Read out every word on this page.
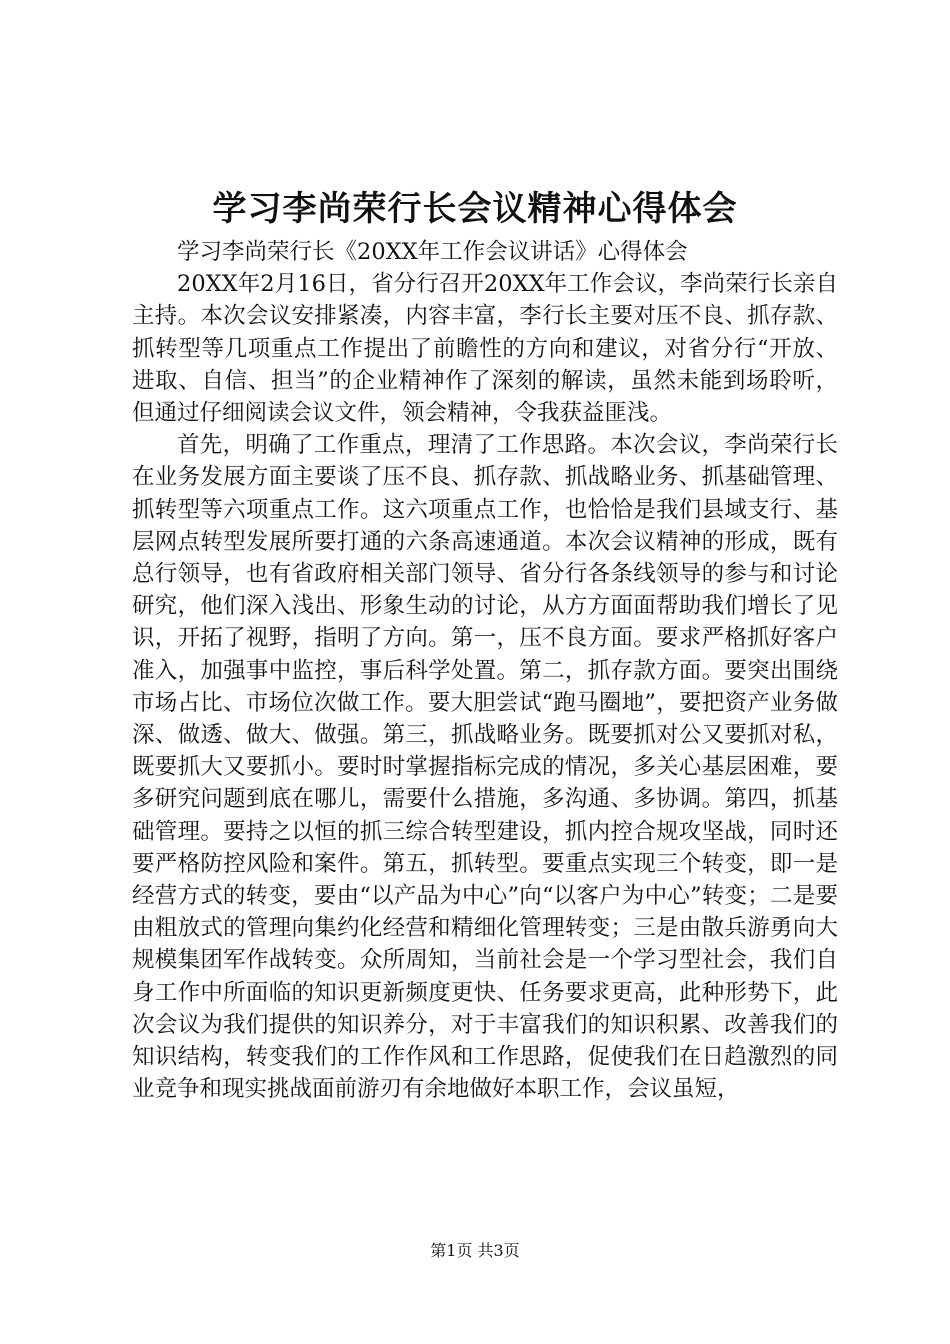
学习李尚荣行长会议精神心得体会

学习李尚荣行长《20XX年工作会议讲话》心得体会

20XX年2月16日，省分行召开20XX年工作会议，李尚荣行长亲自主持。本次会议安排紧凑，内容丰富，李行长主要对压不良、抓存款、抓转型等几项重点工作提出了前瞻性的方向和建议，对省分行“开放、进取、自信、担当”的企业精神作了深刻的解读，虽然未能到场聆听，但通过仔细阅读会议文件，领会精神，令我获益匪浅。

首先，明确了工作重点，理清了工作思路。本次会议，李尚荣行长在业务发展方面主要谈了压不良、抓存款、抓战略业务、抓基础管理、抓转型等六项重点工作。这六项重点工作，也恰恰是我们县域支行、基层网点转型发展所要打通的六条高速通道。本次会议精神的形成，既有总行领导，也有省政府相关部门领导、省分行各条线领导的参与和讨论研究，他们深入浅出、形象生动的讨论，从方方面面帮助我们增长了见识，开拓了视野，指明了方向。第一，压不良方面。要求严格抓好客户准入，加强事中监控，事后科学处置。第二，抓存款方面。要突出围绕市场占比、市场位次做工作。要大胆尝试“跑马圈地”，要把资产业务做深、做透、做大、做强。第三，抓战略业务。既要抓对公又要抓对私，既要抓大又要抓小。要时时掌握指标完成的情况，多关心基层困难，要多研究问题到底在哪儿，需要什么措施，多沟通、多协调。第四，抓基础管理。要持之以恒的抓三综合转型建设，抓内控合规攻坚战，同时还要严格防控风险和案件。第五，抓转型。要重点实现三个转变，即一是经营方式的转变，要由“以产品为中心”向“以客户为中心”转变；二是要由粗放式的管理向集约化经营和精细化管理转变；三是由散兵游勇向大规模集团军作战转变。众所周知，当前社会是一个学习型社会，我们自身工作中所面临的知识更新频度更快、任务要求更高，此种形势下，此次会议为我们提供的知识养分，对于丰富我们的知识积累、改善我们的知识结构，转变我们的工作作风和工作思路，促使我们在日趋激烈的同业竞争和现实挑战面前游刃有余地做好本职工作，会议虽短，

第1页 共3页
